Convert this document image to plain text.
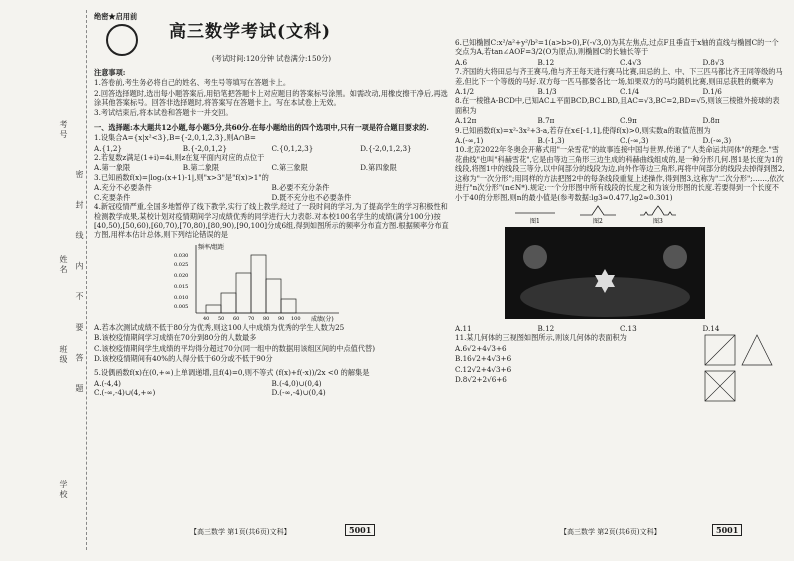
考号
姓名
班级
学校
密 封 线 内 不 要 答 题

绝密★启用前

高三数学考试(文科)

(考试时间:120分钟 试卷满分:150分)

注意事项:

1.答卷前,考生务必将自己的姓名、考生号等填写在答题卡上。

2.回答选择题时,选出每小题答案后,用铅笔把答题卡上对应题目的答案标号涂黑。如需改动,用橡皮擦干净后,再选涂其他答案标号。回答非选择题时,将答案写在答题卡上。写在本试卷上无效。

3.考试结束后,将本试卷和答题卡一并交回。

一、选择题:本大题共12小题,每小题5分,共60分.在每小题给出的四个选项中,只有一项是符合题目要求的.

1.设集合A={x|x²<3},B={-2,0,1,2,3},则A∩B=

A.{1,2}	B.{-2,0,1,2}	C.{0,1,2,3}	D.{-2,0,1,2,3}

2.若复数z满足(1+i)=4i,则z在复平面内对应的点位于

A.第一象限	B.第二象限	C.第三象限	D.第四象限

3.已知函数f(x)=|log₂(x+1)-1|,则"x>3"是"f(x)>1"的

A.充分不必要条件	B.必要不充分条件
C.充要条件	D.既不充分也不必要条件

4.新冠疫情严重,全国多地暂停了线下教学,实行了线上教学,经过了一段时间的学习,为了提高学生的学习积极性和检测教学成果,某校计划对疫情期间学习成绩优秀的同学进行大力表彰.对本校100名学生的成绩(满分100分)按[40,50),[50,60),[60,70),[70,80),[80,90),[90,100]分成6组,得到如图所示的频率分布直方图.根据频率分布直方图,用样本估计总体,则下列结论错误的是

频率/组距
成绩(分)
0.030
0.025
0.020
0.015
0.010
0.005
40 50 60 70 80 90 100

A.若本次测试成绩不低于80分为优秀,则这100人中成绩为优秀的学生人数为25

B.该校疫情期间学习成绩在70分到80分的人数最多

C.该校疫情期间学生成绩的平均得分超过70分(同一组中的数据用该组区间的中点值代替)

D.该校疫情期间有40%的人得分低于60分或不低于90分

5.设偶函数f(x)在(0,+∞)上单调递增,且f(4)=0,则不等式 (f(x)+f(-x))/2x <0 的解集是

A.(-4,4)	B.(-4,0)∪(0,4)
C.(-∞,-4)∪(4,+∞)	D.(-∞,-4)∪(0,4)
【高三数学 第1页(共6页)文科】	5001

6.已知椭圆C:x²/a²+y²/b²=1(a>b>0),F(-√3,0)为其左焦点,过点F且垂直于x轴的直线与椭圆C的一个交点为A,若tan∠AOF=3/2(O为原点),则椭圆C的长轴长等于

A.6	B.12	C.4√3	D.8√3

7.齐国的大将田忌与齐王赛马,他与齐王每天进行赛马比赛,田忌的上、中、下三匹马都比齐王同等级的马差,但比下一个等级的马好.双方每一匹马都要各比一场,如果双方的马均随机比赛,则田忌获胜的概率为

A.1/2	B.1/3	C.1/4	D.1/6

8.在一棱锥A-BCD中,已知AC⊥平面BCD,BC⊥BD,且AC=√3,BC=2,BD=√5,则该三棱锥外接球的表面积为

A.12π	B.7π	C.9π	D.8π

9.已知函数f(x)=x²-3x²+3-a,若存在x∈[-1,1],使得f(x)>0,则实数a的取值范围为

A.(-∞,1)	B.(-1,3)	C.(-∞,3)	D.(-∞,3)

10.北京2022年冬奥会开幕式用"一朵雪花"的故事连接中国与世界,传递了"人类命运共同体"的理念."雪花曲线"也叫"科赫雪花",它是由等边三角形三边生成的科赫曲线组成的,是一种分形几何.图1是长度为1的线段,将图1中的线段三等分,以中间部分的线段为边,向外作等边三角形,再将中间部分的线段去掉得到图2,这称为"一次分形";用同样的方法把图2中的每条线段重复上述操作,得到图3,这称为"二次分形";……,依次进行"n次分形"(n∈N*).规定:一个分形图中所有线段的长度之和为该分形图的长度.若要得到一个长度不小于40的分形图,则n的最小值是(参考数据:lg3≈0.477,lg2≈0.301)

图1	图2	图3
A.11	B.12	C.13	D.14

11.某几何体的三视图如图所示,则该几何体的表面积为

A.6√2+4√3+6

B.16√2+4√3+6

C.12√2+4√3+6

D.8√2+2√6+6

【高三数学 第2页(共6页)文科】	5001
